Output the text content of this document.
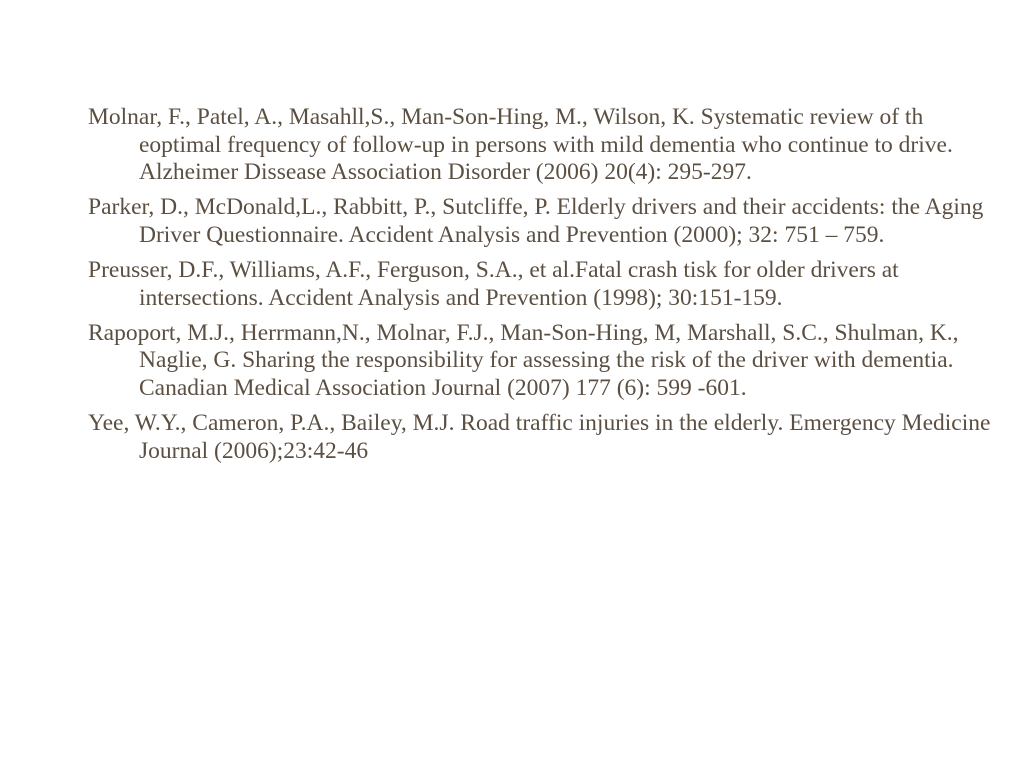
Molnar, F., Patel, A., Masahll,S., Man-Son-Hing, M., Wilson, K. Systematic review of th eoptimal frequency of follow-up in persons with mild dementia who continue to drive. Alzheimer Dissease Association Disorder (2006) 20(4): 295-297.
Parker, D., McDonald,L., Rabbitt, P., Sutcliffe, P. Elderly drivers and their accidents: the Aging Driver Questionnaire. Accident Analysis and Prevention (2000); 32: 751 – 759.
Preusser, D.F., Williams, A.F., Ferguson, S.A., et al.Fatal crash tisk for older drivers at intersections. Accident Analysis and Prevention (1998); 30:151-159.
Rapoport, M.J., Herrmann,N., Molnar, F.J., Man-Son-Hing, M, Marshall, S.C., Shulman, K., Naglie, G. Sharing the responsibility for assessing the risk of the driver with dementia. Canadian Medical Association Journal (2007) 177 (6): 599 -601.
Yee, W.Y., Cameron, P.A., Bailey, M.J. Road traffic injuries in the elderly. Emergency Medicine Journal (2006);23:42-46
